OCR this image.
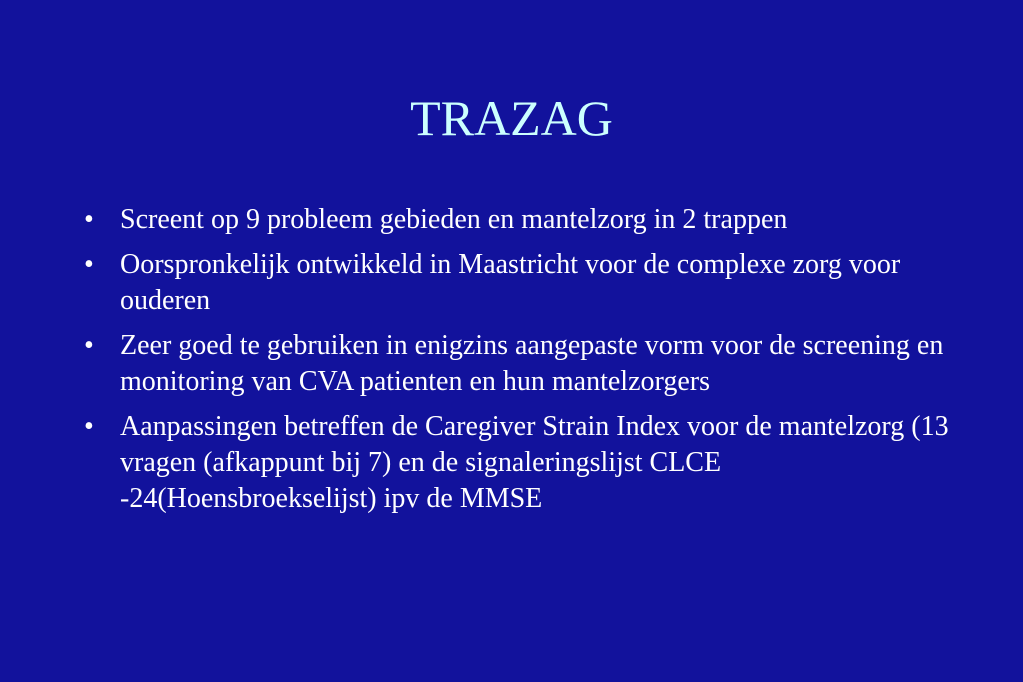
TRAZAG
• Screent op 9 probleem gebieden en mantelzorg in 2 trappen
• Oorspronkelijk ontwikkeld in Maastricht voor de complexe zorg voor ouderen
• Zeer goed te gebruiken in enigzins aangepaste vorm voor de screening en monitoring van CVA patienten en hun mantelzorgers
• Aanpassingen betreffen de Caregiver Strain Index voor de mantelzorg (13 vragen (afkappunt bij 7) en de signaleringslijst CLCE -24(Hoensbroekselijst) ipv de MMSE
